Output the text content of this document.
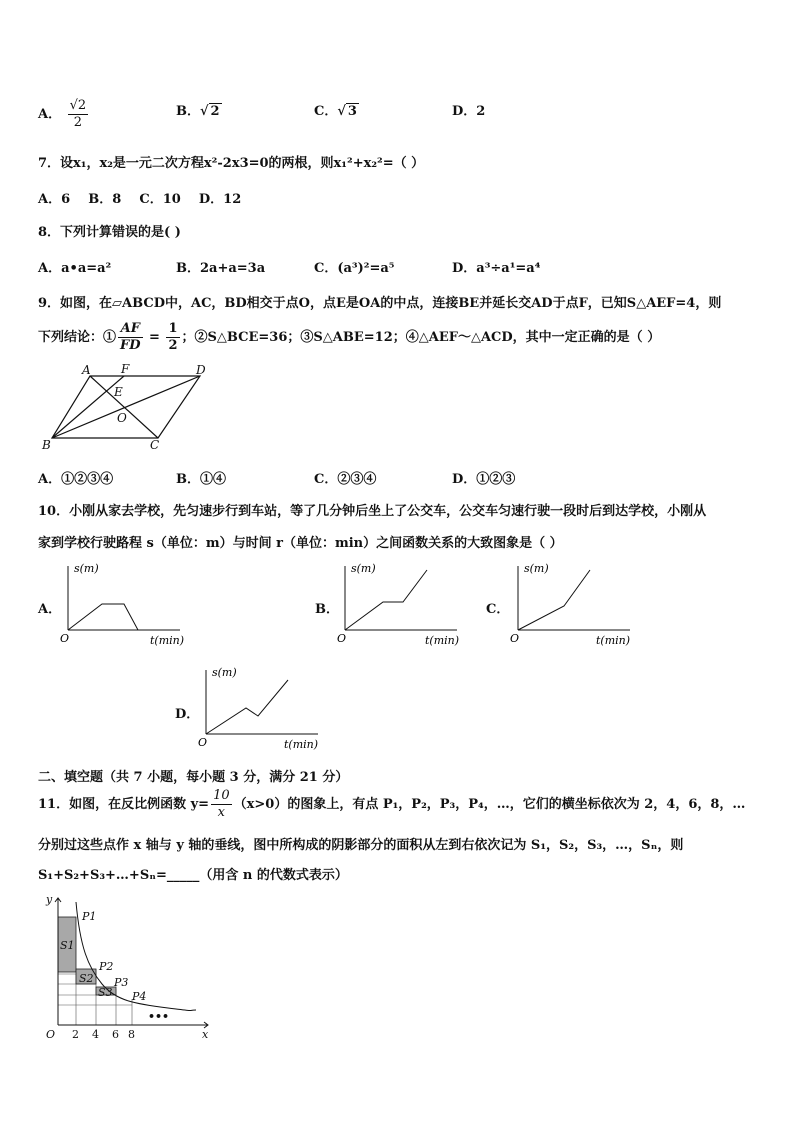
A． $\frac{√2}{2}$	B．√ 2	C．√ 3	D．2
7．设x₁，x₂是一元二次方程x²-2x3=0的两根，则x₁²+x₂²=（ ）
A．6    B．8    C．10    D．12
8．下列计算错误的是( )
A．a•a=a²	B．2a+a=3a	C．(a³)²=a⁵	D．a³÷a¹=a⁴
9．如图，在▱ABCD中，AC，BD相交于点O，点E是OA的中点，连接BE并延长交AD于点F，已知S△AEF=4，则
下列结论：① $\frac{AF}{FD} = \frac{1}{2}$ ；②S△BCE=36；③S△ABE=12；④△AEF～△ACD，其中一定正确的是（ ）
A	F	D
E
O
B	C
A．①②③④	B．①④	C．②③④	D．①②③
10．小刚从家去学校，先匀速步行到车站，等了几分钟后坐上了公交车，公交车匀速行驶一段时后到达学校，小刚从
家到学校行驶路程 s（单位：m）与时间 r（单位：min）之间函数关系的大致图象是（ ）
A．
s(m)
O	t(min)
B．
s(m)
O	t(min)
C．
s(m)
O	t(min)
D．
s(m)
O	t(min)
二、填空题（共 7 小题，每小题 3 分，满分 21 分）
11．如图，在反比例函数 $y= \frac{10}{x} (x>0)$的图象上，有点 P₁，P₂，P₃，P₄，…，它们的横坐标依次为 2，4，6，8，…
分别过这些点作 x 轴与 y 轴的垂线，图中所构成的阴影部分的面积从左到右依次记为 S₁，S₂，S₃，…，Sₙ，则
S₁+S₂+S₃+…+Sₙ=_____（用含 n 的代数式表示）
y
x
O
P1
P2
P3
P4
S1
S2
S3
2 4 6 8
•••
